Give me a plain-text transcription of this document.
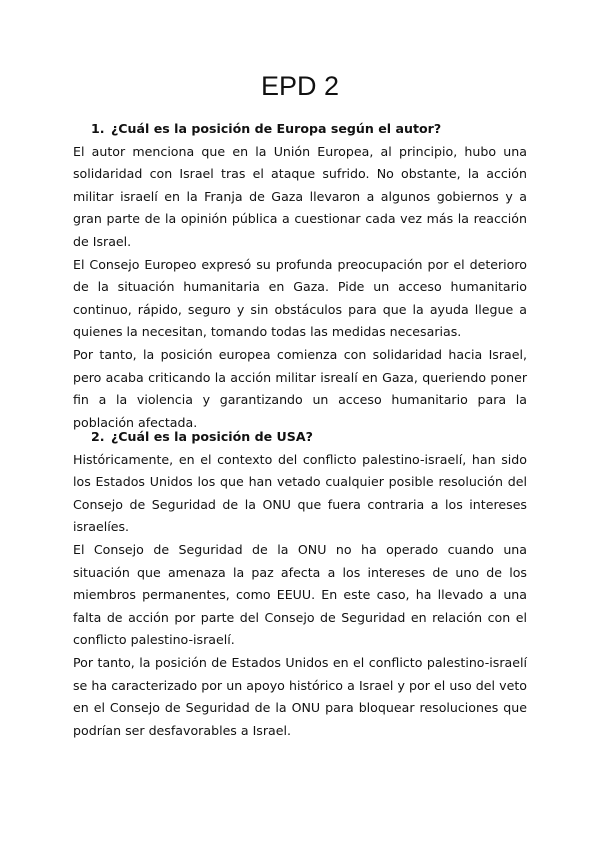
EPD 2

1. ¿Cuál es la posición de Europa según el autor?

El autor menciona que en la Unión Europea, al principio, hubo una solidaridad con Israel tras el ataque sufrido. No obstante, la acción militar israelí en la Franja de Gaza llevaron a algunos gobiernos y a gran parte de la opinión pública a cuestionar cada vez más la reacción de Israel.

El Consejo Europeo expresó su profunda preocupación por el deterioro de la situación humanitaria en Gaza. Pide un acceso humanitario continuo, rápido, seguro y sin obstáculos para que la ayuda llegue a quienes la necesitan, tomando todas las medidas necesarias.

Por tanto, la posición europea comienza con solidaridad hacia Israel, pero acaba criticando la acción militar isrealí en Gaza, queriendo poner fin a la violencia y garantizando un acceso humanitario para la población afectada.

2. ¿Cuál es la posición de USA?

Históricamente, en el contexto del conflicto palestino-israelí, han sido los Estados Unidos los que han vetado cualquier posible resolución del Consejo de Seguridad de la ONU que fuera contraria a los intereses israelíes.

El Consejo de Seguridad de la ONU no ha operado cuando una situación que amenaza la paz afecta a los intereses de uno de los miembros permanentes, como EEUU. En este caso, ha llevado a una falta de acción por parte del Consejo de Seguridad en relación con el conflicto palestino-israelí.

Por tanto, la posición de Estados Unidos en el conflicto palestino-israelí se ha caracterizado por un apoyo histórico a Israel y por el uso del veto en el Consejo de Seguridad de la ONU para bloquear resoluciones que podrían ser desfavorables a Israel.
